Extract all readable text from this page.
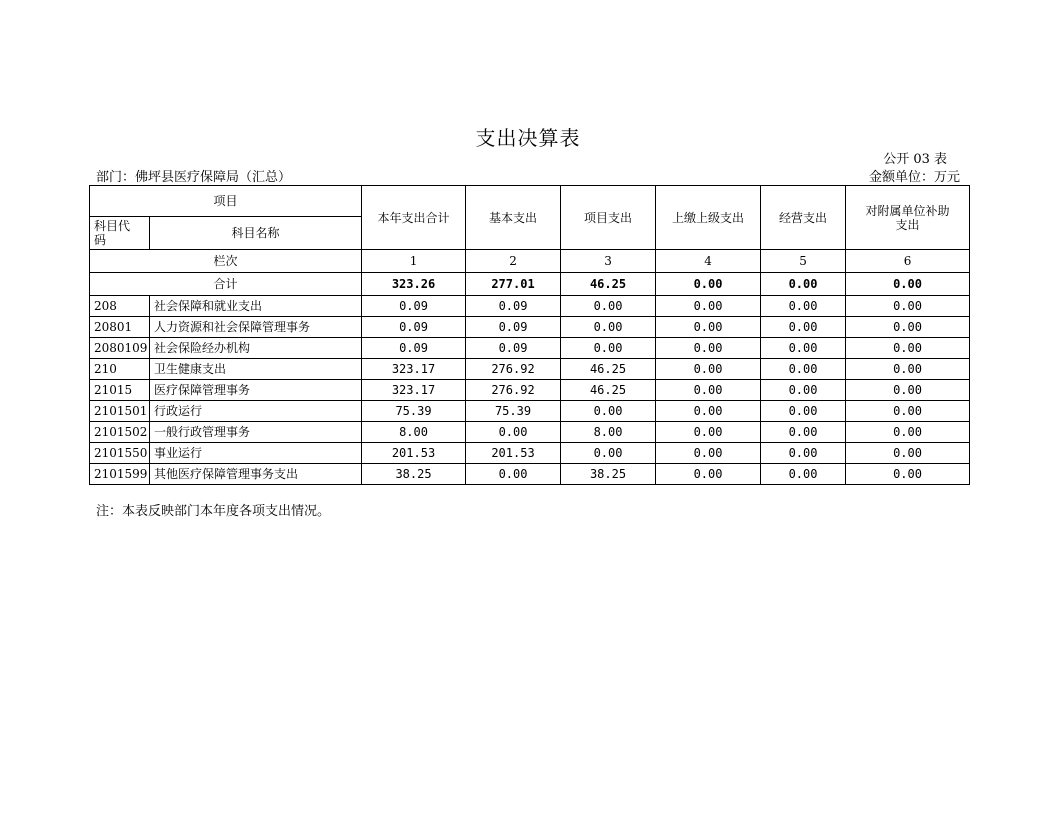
支出决算表
公开 03 表
部门：佛坪县医疗保障局（汇总）	金额单位：万元
项目		本年支出合计	基本支出	项目支出	上缴上级支出	经营支出	对附属单位补助支出
科目代码	科目名称						
栏次		1	2	3	4	5	6
合计		323.26	277.01	46.25	0.00	0.00	0.00
208	社会保障和就业支出	0.09	0.09	0.00	0.00	0.00	0.00
20801	人力资源和社会保障管理事务	0.09	0.09	0.00	0.00	0.00	0.00
2080109	社会保险经办机构	0.09	0.09	0.00	0.00	0.00	0.00
210	卫生健康支出	323.17	276.92	46.25	0.00	0.00	0.00
21015	医疗保障管理事务	323.17	276.92	46.25	0.00	0.00	0.00
2101501	行政运行	75.39	75.39	0.00	0.00	0.00	0.00
2101502	一般行政管理事务	8.00	0.00	8.00	0.00	0.00	0.00
2101550	事业运行	201.53	201.53	0.00	0.00	0.00	0.00
2101599	其他医疗保障管理事务支出	38.25	0.00	38.25	0.00	0.00	0.00
注：本表反映部门本年度各项支出情况。
